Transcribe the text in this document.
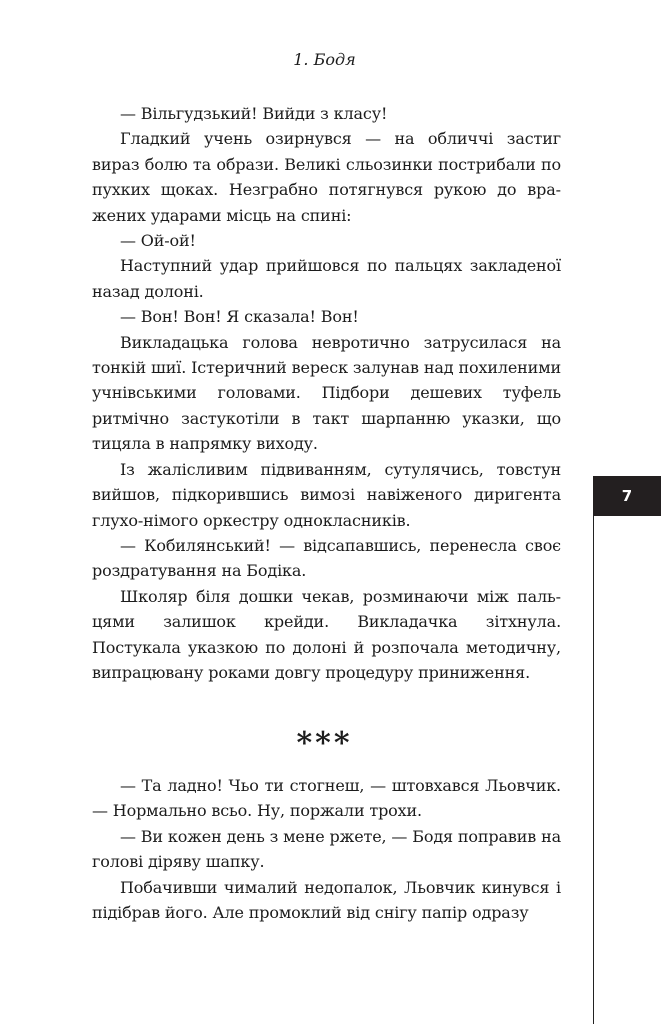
1. Бодя

— Вільгудзький! Вийди з класу!

Гладкий учень озирнувся — на обличчі застиг вираз болю та образи. Великі сльозинки пострибали по пухких щоках. Незграбно потягнувся рукою до вражених ударами місць на спині:

— Ой-ой!

Наступний удар прийшовся по пальцях закладеної назад долоні.

— Вон! Вон! Я сказала! Вон!

Викладацька голова невротично затрусилася на тонкій шиї. Істеричний вереск залунав над похиленими учнівськими головами. Підбори дешевих туфель ритмічно застукотіли в такт шарпанню указки, що тицяла в напрямку виходу.

Із жалісливим підвиванням, сутулячись, товстун вийшов, підкорившись вимозі навіженого диригента глухо-німого оркестру однокласників.

— Кобилянський! — відсапавшись, перенесла своє роздратування на Бодіка.

Школяр біля дошки чекав, розминаючи між пальцями залишок крейди. Викладачка зітхнула. Постукала указкою по долоні й розпочала методичну, випрацювану роками довгу процедуру приниження.

***

— Та ладно! Чьо ти стогнеш, — штовхався Льовчик. — Нормально всьо. Ну, поржали трохи.

— Ви кожен день з мене ржете, — Бодя поправив на голові діряву шапку.

Побачивши чималий недопалок, Льовчик кинувся і підібрав його. Але промоклий від снігу папір одразу

7
